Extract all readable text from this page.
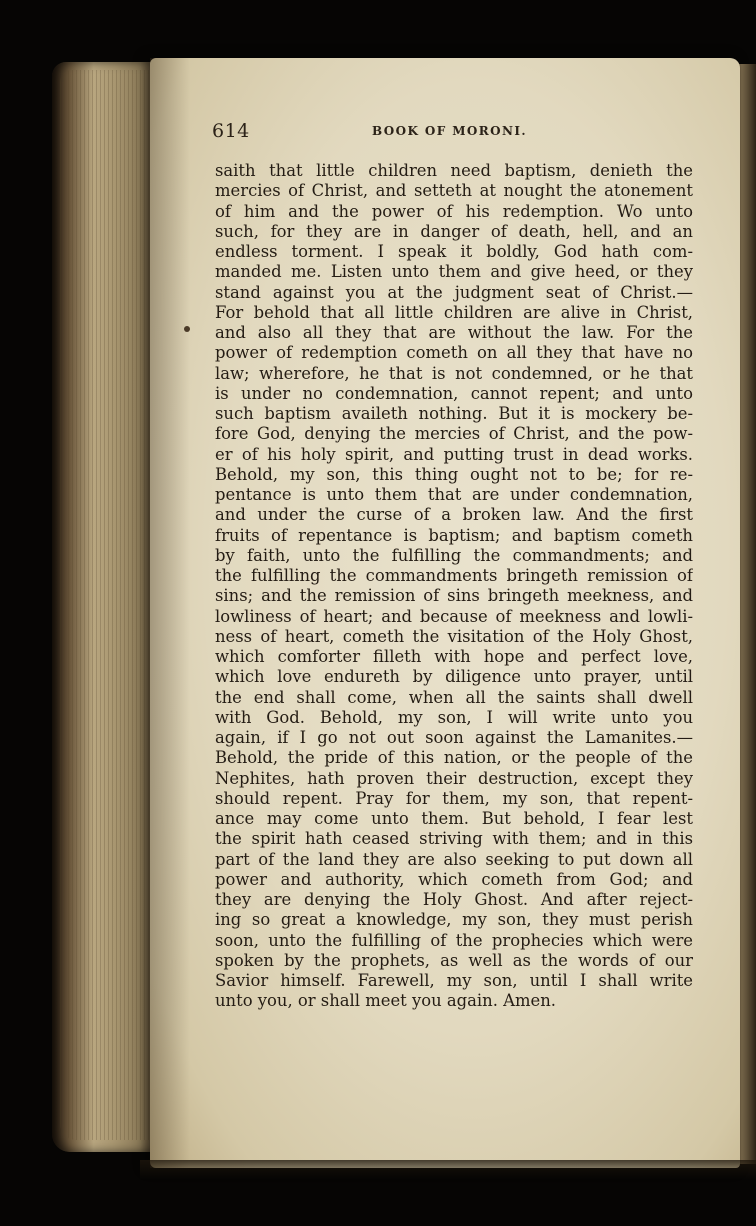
614	BOOK OF MORONI.
saith that little children need baptism, denieth the
mercies of Christ, and setteth at nought the atonement
of him and the power of his redemption. Wo unto
such, for they are in danger of death, hell, and an
endless torment. I speak it boldly, God hath com-
manded me. Listen unto them and give heed, or they
stand against you at the judgment seat of Christ.—
For behold that all little children are alive in Christ,
and also all they that are without the law. For the
power of redemption cometh on all they that have no
law; wherefore, he that is not condemned, or he that
is under no condemnation, cannot repent; and unto
such baptism availeth nothing. But it is mockery be-
fore God, denying the mercies of Christ, and the pow-
er of his holy spirit, and putting trust in dead works.
Behold, my son, this thing ought not to be; for re-
pentance is unto them that are under condemnation,
and under the curse of a broken law. And the first
fruits of repentance is baptism; and baptism cometh
by faith, unto the fulfilling the commandments; and
the fulfilling the commandments bringeth remission of
sins; and the remission of sins bringeth meekness, and
lowliness of heart; and because of meekness and lowli-
ness of heart, cometh the visitation of the Holy Ghost,
which comforter filleth with hope and perfect love,
which love endureth by diligence unto prayer, until
the end shall come, when all the saints shall dwell
with God. Behold, my son, I will write unto you
again, if I go not out soon against the Lamanites.—
Behold, the pride of this nation, or the people of the
Nephites, hath proven their destruction, except they
should repent. Pray for them, my son, that repent-
ance may come unto them. But behold, I fear lest
the spirit hath ceased striving with them; and in this
part of the land they are also seeking to put down all
power and authority, which cometh from God; and
they are denying the Holy Ghost. And after reject-
ing so great a knowledge, my son, they must perish
soon, unto the fulfilling of the prophecies which were
spoken by the prophets, as well as the words of our
Savior himself. Farewell, my son, until I shall write
unto you, or shall meet you again. Amen.
